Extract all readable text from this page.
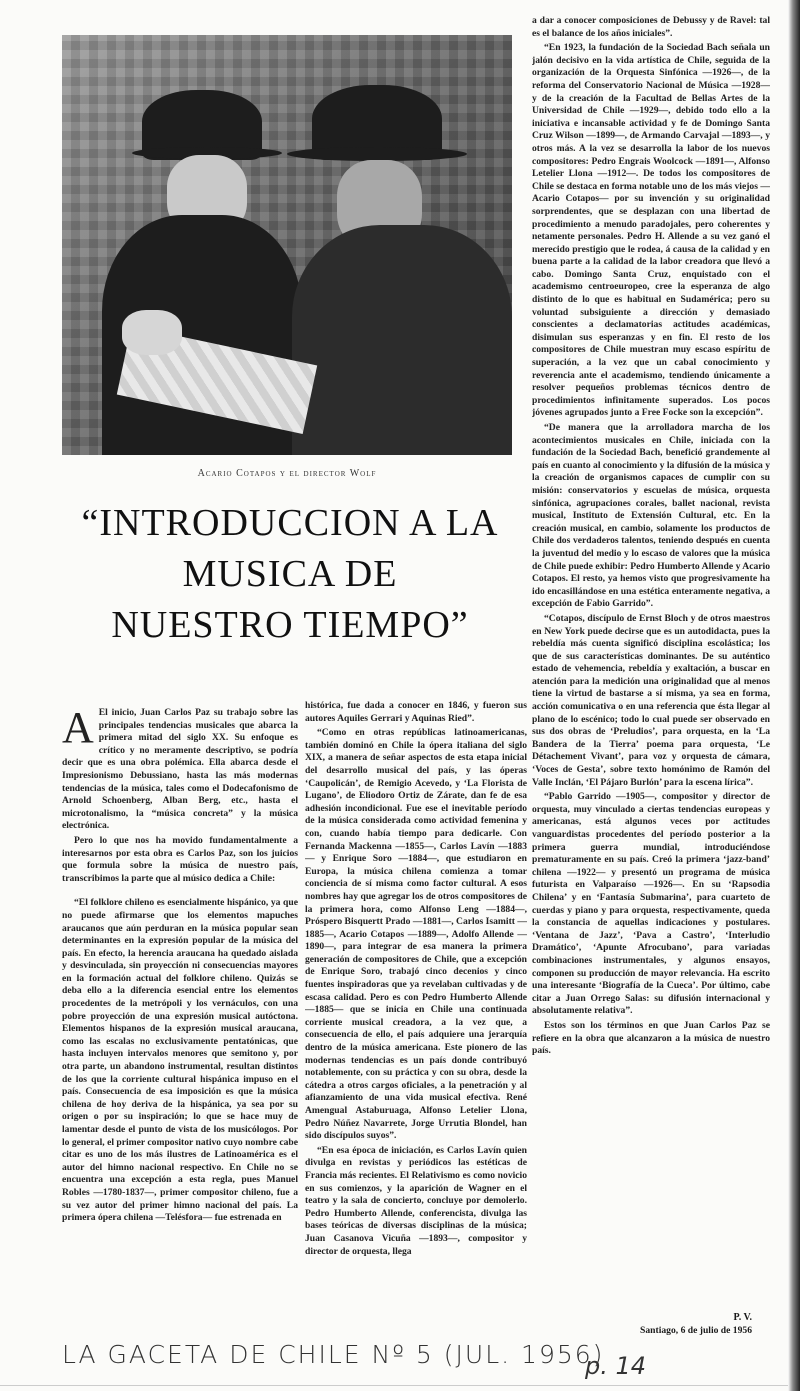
Acario Cotapos y el director Wolf
“INTRODUCCION A LA
MUSICA DE
NUESTRO TIEMPO”
A El inicio, Juan Carlos Paz su trabajo sobre las principales tendencias musicales que abarca la primera mitad del siglo XX. Su enfoque es crítico y no meramente descriptivo, se podría decir que es una obra polémica. Ella abarca desde el Impresionismo Debussiano, hasta las más modernas tendencias de la música, tales como el Dodecafonismo de Arnold Schoenberg, Alban Berg, etc., hasta el microtonalismo, la “música concreta” y la música electrónica.

Pero lo que nos ha movido fundamentalmente a interesarnos por esta obra es Carlos Paz, son los juicios que formula sobre la música de nuestro país, transcribimos la parte que al músico dedica a Chile:

“El folklore chileno es esencialmente hispánico, ya que no puede afirmarse que los elementos mapuches araucanos que aún perduran en la música popular sean determinantes en la expresión popular de la música del país. En efecto, la herencia araucana ha quedado aislada y desvinculada, sin proyección ni consecuencias mayores en la formación actual del folklore chileno. Quizás se deba ello a la diferencia esencial entre los elementos procedentes de la metrópoli y los vernáculos, con una pobre proyección de una expresión musical autóctona. Elementos hispanos de la expresión musical araucana, como las escalas no exclusivamente pentatónicas, que hasta incluyen intervalos menores que semitono y, por otra parte, un abandono instrumental, resultan distintos de los que la corriente cultural hispánica impuso en el país. Consecuencia de esa imposición es que la música chilena de hoy deriva de la hispánica, ya sea por su origen o por su inspiración; lo que se hace muy de lamentar desde el punto de vista de los musicólogos. Por lo general, el primer compositor nativo cuyo nombre cabe citar es uno de los más ilustres de Latinoamérica es el autor del himno nacional respectivo. En Chile no se encuentra una excepción a esta regla, pues Manuel Robles —1780-1837—, primer compositor chileno, fue a su vez autor del primer himno nacional del país. La primera ópera chilena —Telésfora— fue estrenada en

histórica, fue dada a conocer en 1846, y fueron sus autores Aquiles Gerrari y Aquinas Ried”.

“Como en otras repúblicas latinoamericanas, también dominó en Chile la ópera italiana del siglo XIX, a manera de señar aspectos de esta etapa inicial del desarrollo musical del país, y las óperas ‘Caupolicán’, de Remigio Acevedo, y ‘La Florista de Lugano’, de Eliodoro Ortiz de Zárate, dan fe de esa adhesión incondicional. Fue ese el inevitable período de la música considerada como actividad femenina y con, cuando había tiempo para dedicarle. Con Fernanda Mackenna —1855—, Carlos Lavín —1883— y Enrique Soro —1884—, que estudiaron en Europa, la música chilena comienza a tomar conciencia de sí misma como factor cultural. A esos nombres hay que agregar los de otros compositores de la primera hora, como Alfonso Leng —1884—, Próspero Bisquertt Prado —1881—, Carlos Isamitt —1885—, Acario Cotapos —1889—, Adolfo Allende —1890—, para integrar de esa manera la primera generación de compositores de Chile, que a excepción de Enrique Soro, trabajó cinco decenios y cinco fuentes inspiradoras que ya revelaban cultivadas y de escasa calidad. Pero es con Pedro Humberto Allende —1885— que se inicia en Chile una continuada corriente musical creadora, a la vez que, a consecuencia de ello, el país adquiere una jerarquía dentro de la música americana. Este pionero de las modernas tendencias es un país donde contribuyó notablemente, con su práctica y con su obra, desde la cátedra a otros cargos oficiales, a la penetración y al afianzamiento de una vida musical efectiva. René Amengual Astaburuaga, Alfonso Letelier Llona, Pedro Núñez Navarrete, Jorge Urrutia Blondel, han sido discípulos suyos”.

“En esa época de iniciación, es Carlos Lavín quien divulga en revistas y periódicos las estéticas de Francia más recientes. El Relativismo es como novicio en sus comienzos, y la aparición de Wagner en el teatro y la sala de concierto, concluye por demolerlo. Pedro Humberto Allende, conferencista, divulga las bases teóricas de diversas disciplinas de la música; Juan Casanova Vicuña —1893—, compositor y director de orquesta, llega

a dar a conocer composiciones de Debussy y de Ravel: tal es el balance de los años iniciales”.

“En 1923, la fundación de la Sociedad Bach señala un jalón decisivo en la vida artística de Chile, seguida de la organización de la Orquesta Sinfónica —1926—, de la reforma del Conservatorio Nacional de Música —1928— y de la creación de la Facultad de Bellas Artes de la Universidad de Chile —1929—, debido todo ello a la iniciativa e incansable actividad y fe de Domingo Santa Cruz Wilson —1899—, de Armando Carvajal —1893—, y otros más. A la vez se desarrolla la labor de los nuevos compositores: Pedro Engrais Woolcock —1891—, Alfonso Letelier Llona —1912—. De todos los compositores de Chile se destaca en forma notable uno de los más viejos —Acario Cotapos— por su invención y su originalidad sorprendentes, que se desplazan con una libertad de procedimiento a menudo paradojales, pero coherentes y netamente personales. Pedro H. Allende a su vez ganó el merecido prestigio que le rodea, á causa de la calidad y en buena parte a la calidad de la labor creadora que llevó a cabo. Domingo Santa Cruz, enquistado con el academismo centroeuropeo, cree la esperanza de algo distinto de lo que es habitual en Sudamérica; pero su voluntad subsiguiente a dirección y demasiado conscientes a declamatorias actitudes académicas, disimulan sus esperanzas y en fin. El resto de los compositores de Chile muestran muy escaso espíritu de superación, a la vez que un cabal conocimiento y reverencia ante el academismo, tendiendo únicamente a resolver pequeños problemas técnicos dentro de procedimientos infinitamente superados. Los pocos jóvenes agrupados junto a Free Focke son la excepción”.

“De manera que la arrolladora marcha de los acontecimientos musicales en Chile, iniciada con la fundación de la Sociedad Bach, benefició grandemente al país en cuanto al conocimiento y la difusión de la música y la creación de organismos capaces de cumplir con su misión: conservatorios y escuelas de música, orquesta sinfónica, agrupaciones corales, ballet nacional, revista musical, Instituto de Extensión Cultural, etc. En la creación musical, en cambio, solamente los productos de Chile dos verdaderos talentos, teniendo después en cuenta la juventud del medio y lo escaso de valores que la música de Chile puede exhibir: Pedro Humberto Allende y Acario Cotapos. El resto, ya hemos visto que progresivamente ha ido encasillándose en una estética enteramente negativa, a excepción de Fabio Garrido”.

“Cotapos, discípulo de Ernst Bloch y de otros maestros en New York puede decirse que es un autodidacta, pues la rebeldía más cuenta significó disciplina escolástica; los que de sus características dominantes. De su auténtico estado de vehemencia, rebeldía y exaltación, a buscar en atención para la medición una originalidad que al menos tiene la virtud de bastarse a sí misma, ya sea en forma, acción comunicativa o en una referencia que ésta llegar al plano de lo escénico; todo lo cual puede ser observado en sus dos obras de ‘Preludios’, para orquesta, en la ‘La Bandera de la Tierra’ poema para orquesta, ‘Le Détachement Vivant’, para voz y orquesta de cámara, ‘Voces de Gesta’, sobre texto homónimo de Ramón del Valle Inclán, ‘El Pájaro Burlón’ para la escena lírica”.

“Pablo Garrido —1905—, compositor y director de orquesta, muy vinculado a ciertas tendencias europeas y americanas, está algunos veces por actitudes vanguardistas procedentes del período posterior a la primera guerra mundial, introduciéndose prematuramente en su país. Creó la primera ‘jazz-band’ chilena —1922— y presentó un programa de música futurista en Valparaíso —1926—. En su ‘Rapsodia Chilena’ y en ‘Fantasía Submarina’, para cuarteto de cuerdas y piano y para orquesta, respectivamente, queda la constancia de aquellas indicaciones y postulares. ‘Ventana de Jazz’, ‘Pava a Castro’, ‘Interludio Dramático’, ‘Apunte Afrocubano’, para variadas combinaciones instrumentales, y algunos ensayos, componen su producción de mayor relevancia. Ha escrito una interesante ‘Biografía de la Cueca’. Por último, cabe citar a Juan Orrego Salas: su difusión internacional y absolutamente relativa”.

Estos son los términos en que Juan Carlos Paz se refiere en la obra que alcanzaron a la música de nuestro país.

P. V.
Santiago, 6 de julio de 1956
LA GACETA DE CHILE Nº 5 (JUL. 1956)
p. 14
